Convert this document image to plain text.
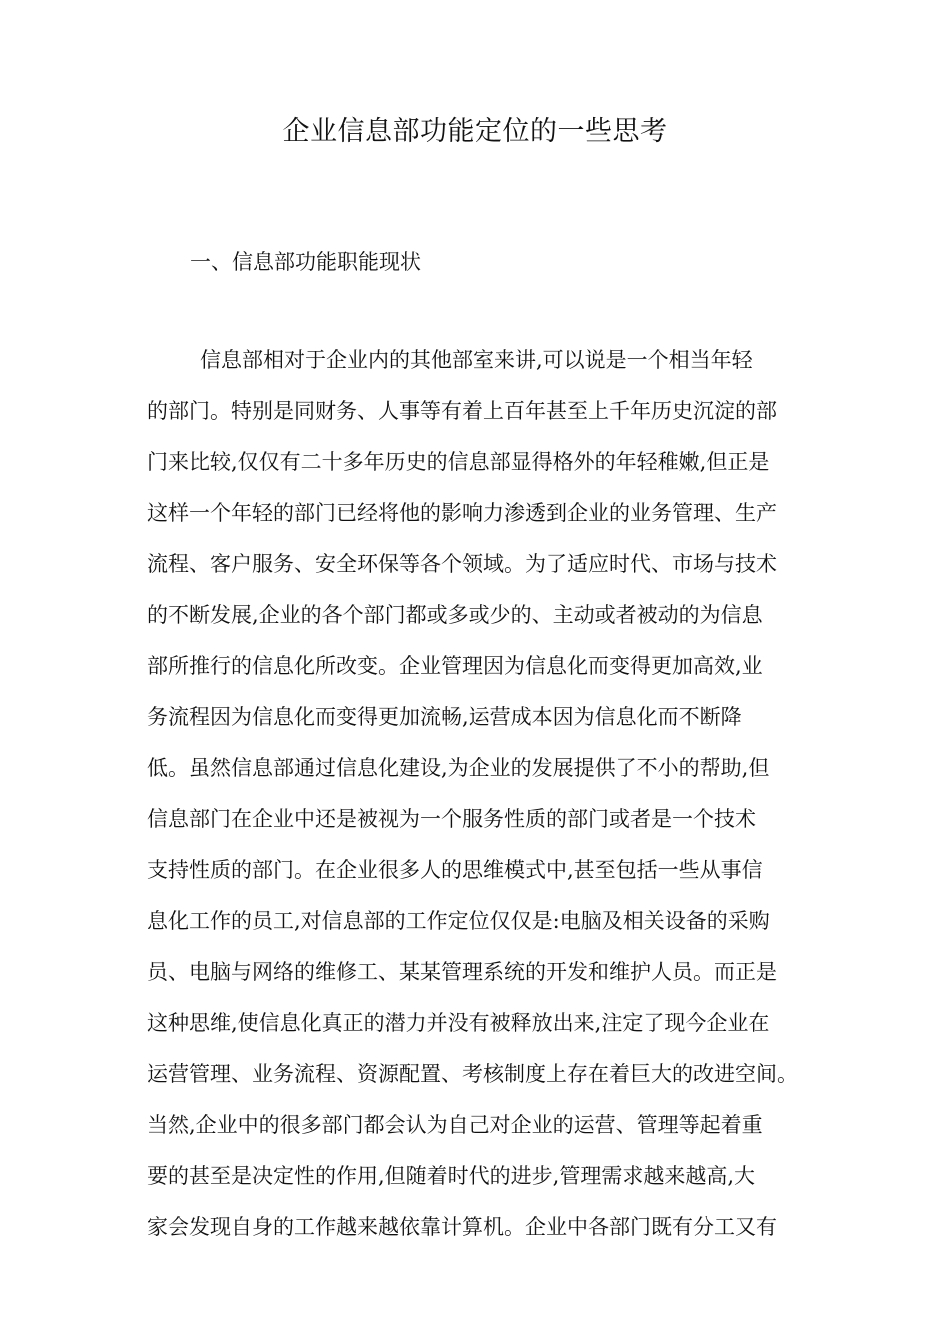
企业信息部功能定位的一些思考
一、信息部功能职能现状
信息部相对于企业内的其他部室来讲,可以说是一个相当年轻
的部门。特别是同财务、人事等有着上百年甚至上千年历史沉淀的部
门来比较,仅仅有二十多年历史的信息部显得格外的年轻稚嫩,但正是
这样一个年轻的部门已经将他的影响力渗透到企业的业务管理、生产
流程、客户服务、安全环保等各个领域。为了适应时代、市场与技术
的不断发展,企业的各个部门都或多或少的、主动或者被动的为信息
部所推行的信息化所改变。企业管理因为信息化而变得更加高效,业
务流程因为信息化而变得更加流畅,运营成本因为信息化而不断降
低。虽然信息部通过信息化建设,为企业的发展提供了不小的帮助,但
信息部门在企业中还是被视为一个服务性质的部门或者是一个技术
支持性质的部门。在企业很多人的思维模式中,甚至包括一些从事信
息化工作的员工,对信息部的工作定位仅仅是:电脑及相关设备的采购
员、电脑与网络的维修工、某某管理系统的开发和维护人员。而正是
这种思维,使信息化真正的潜力并没有被释放出来,注定了现今企业在
运营管理、业务流程、资源配置、考核制度上存在着巨大的改进空间。
当然,企业中的很多部门都会认为自己对企业的运营、管理等起着重
要的甚至是决定性的作用,但随着时代的进步,管理需求越来越高,大
家会发现自身的工作越来越依靠计算机。企业中各部门既有分工又有
